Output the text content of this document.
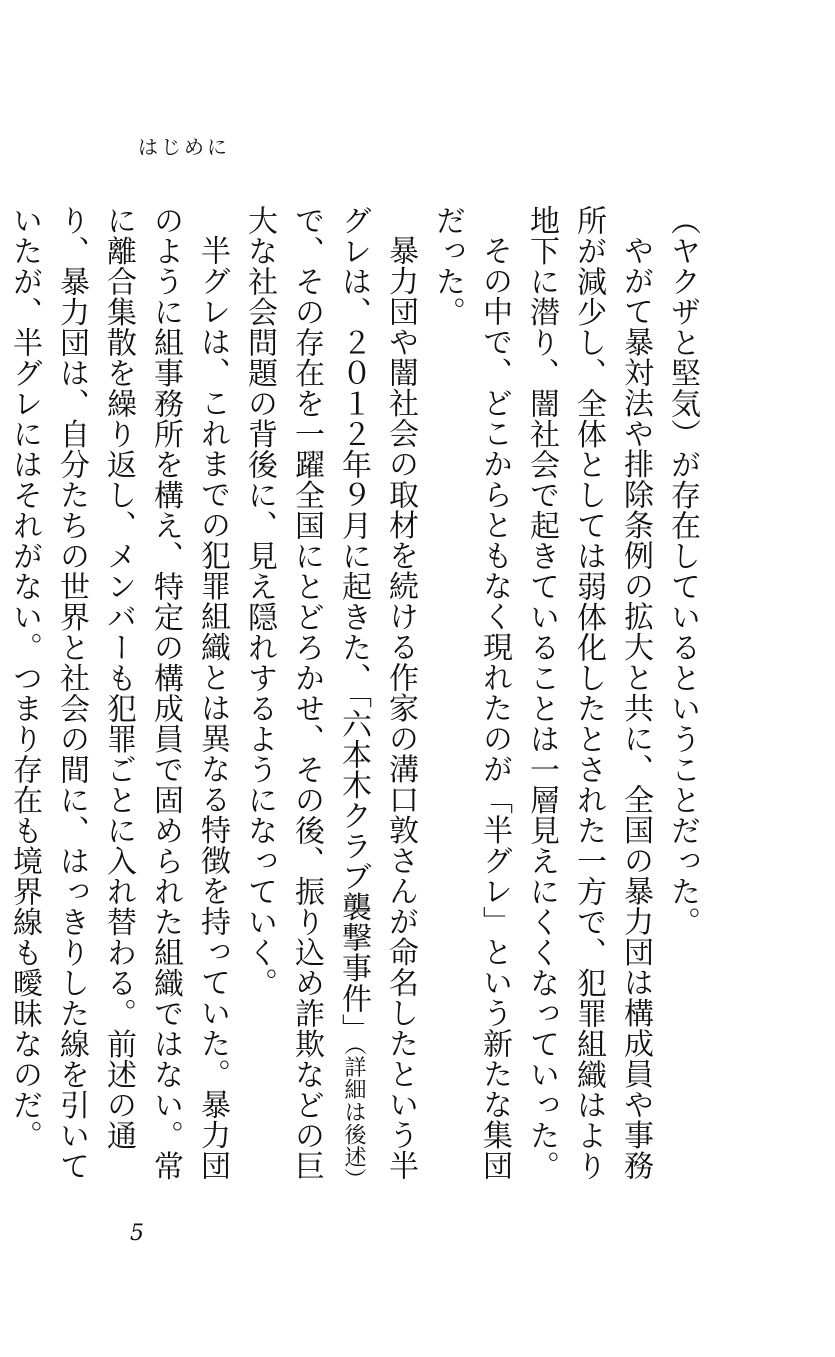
はじめに

（ヤクザと堅気）が存在しているということだった。

やがて暴対法や排除条例の拡大と共に、全国の暴力団は構成員や事務所が減少し、全体としては弱体化したとされた一方で、犯罪組織はより地下に潜り、闇社会で起きていることは一層見えにくくなっていった。

その中で、どこからともなく現れたのが「半グレ」という新たな集団だった。

暴力団や闇社会の取材を続ける作家の溝口敦さんが命名したという半グレは、２０１２年９月に起きた、「六本木クラブ襲撃事件」（詳細は後述）で、その存在を一躍全国にとどろかせ、その後、振り込め詐欺などの巨大な社会問題の背後に、見え隠れするようになっていく。

半グレは、これまでの犯罪組織とは異なる特徴を持っていた。暴力団のように組事務所を構え、特定の構成員で固められた組織ではない。常に離合集散を繰り返し、メンバーも犯罪ごとに入れ替わる。前述の通り、暴力団は、自分たちの世界と社会の間に、はっきりした線を引いていたが、半グレにはそれがない。つまり存在も境界線も曖昧なのだ。

5
